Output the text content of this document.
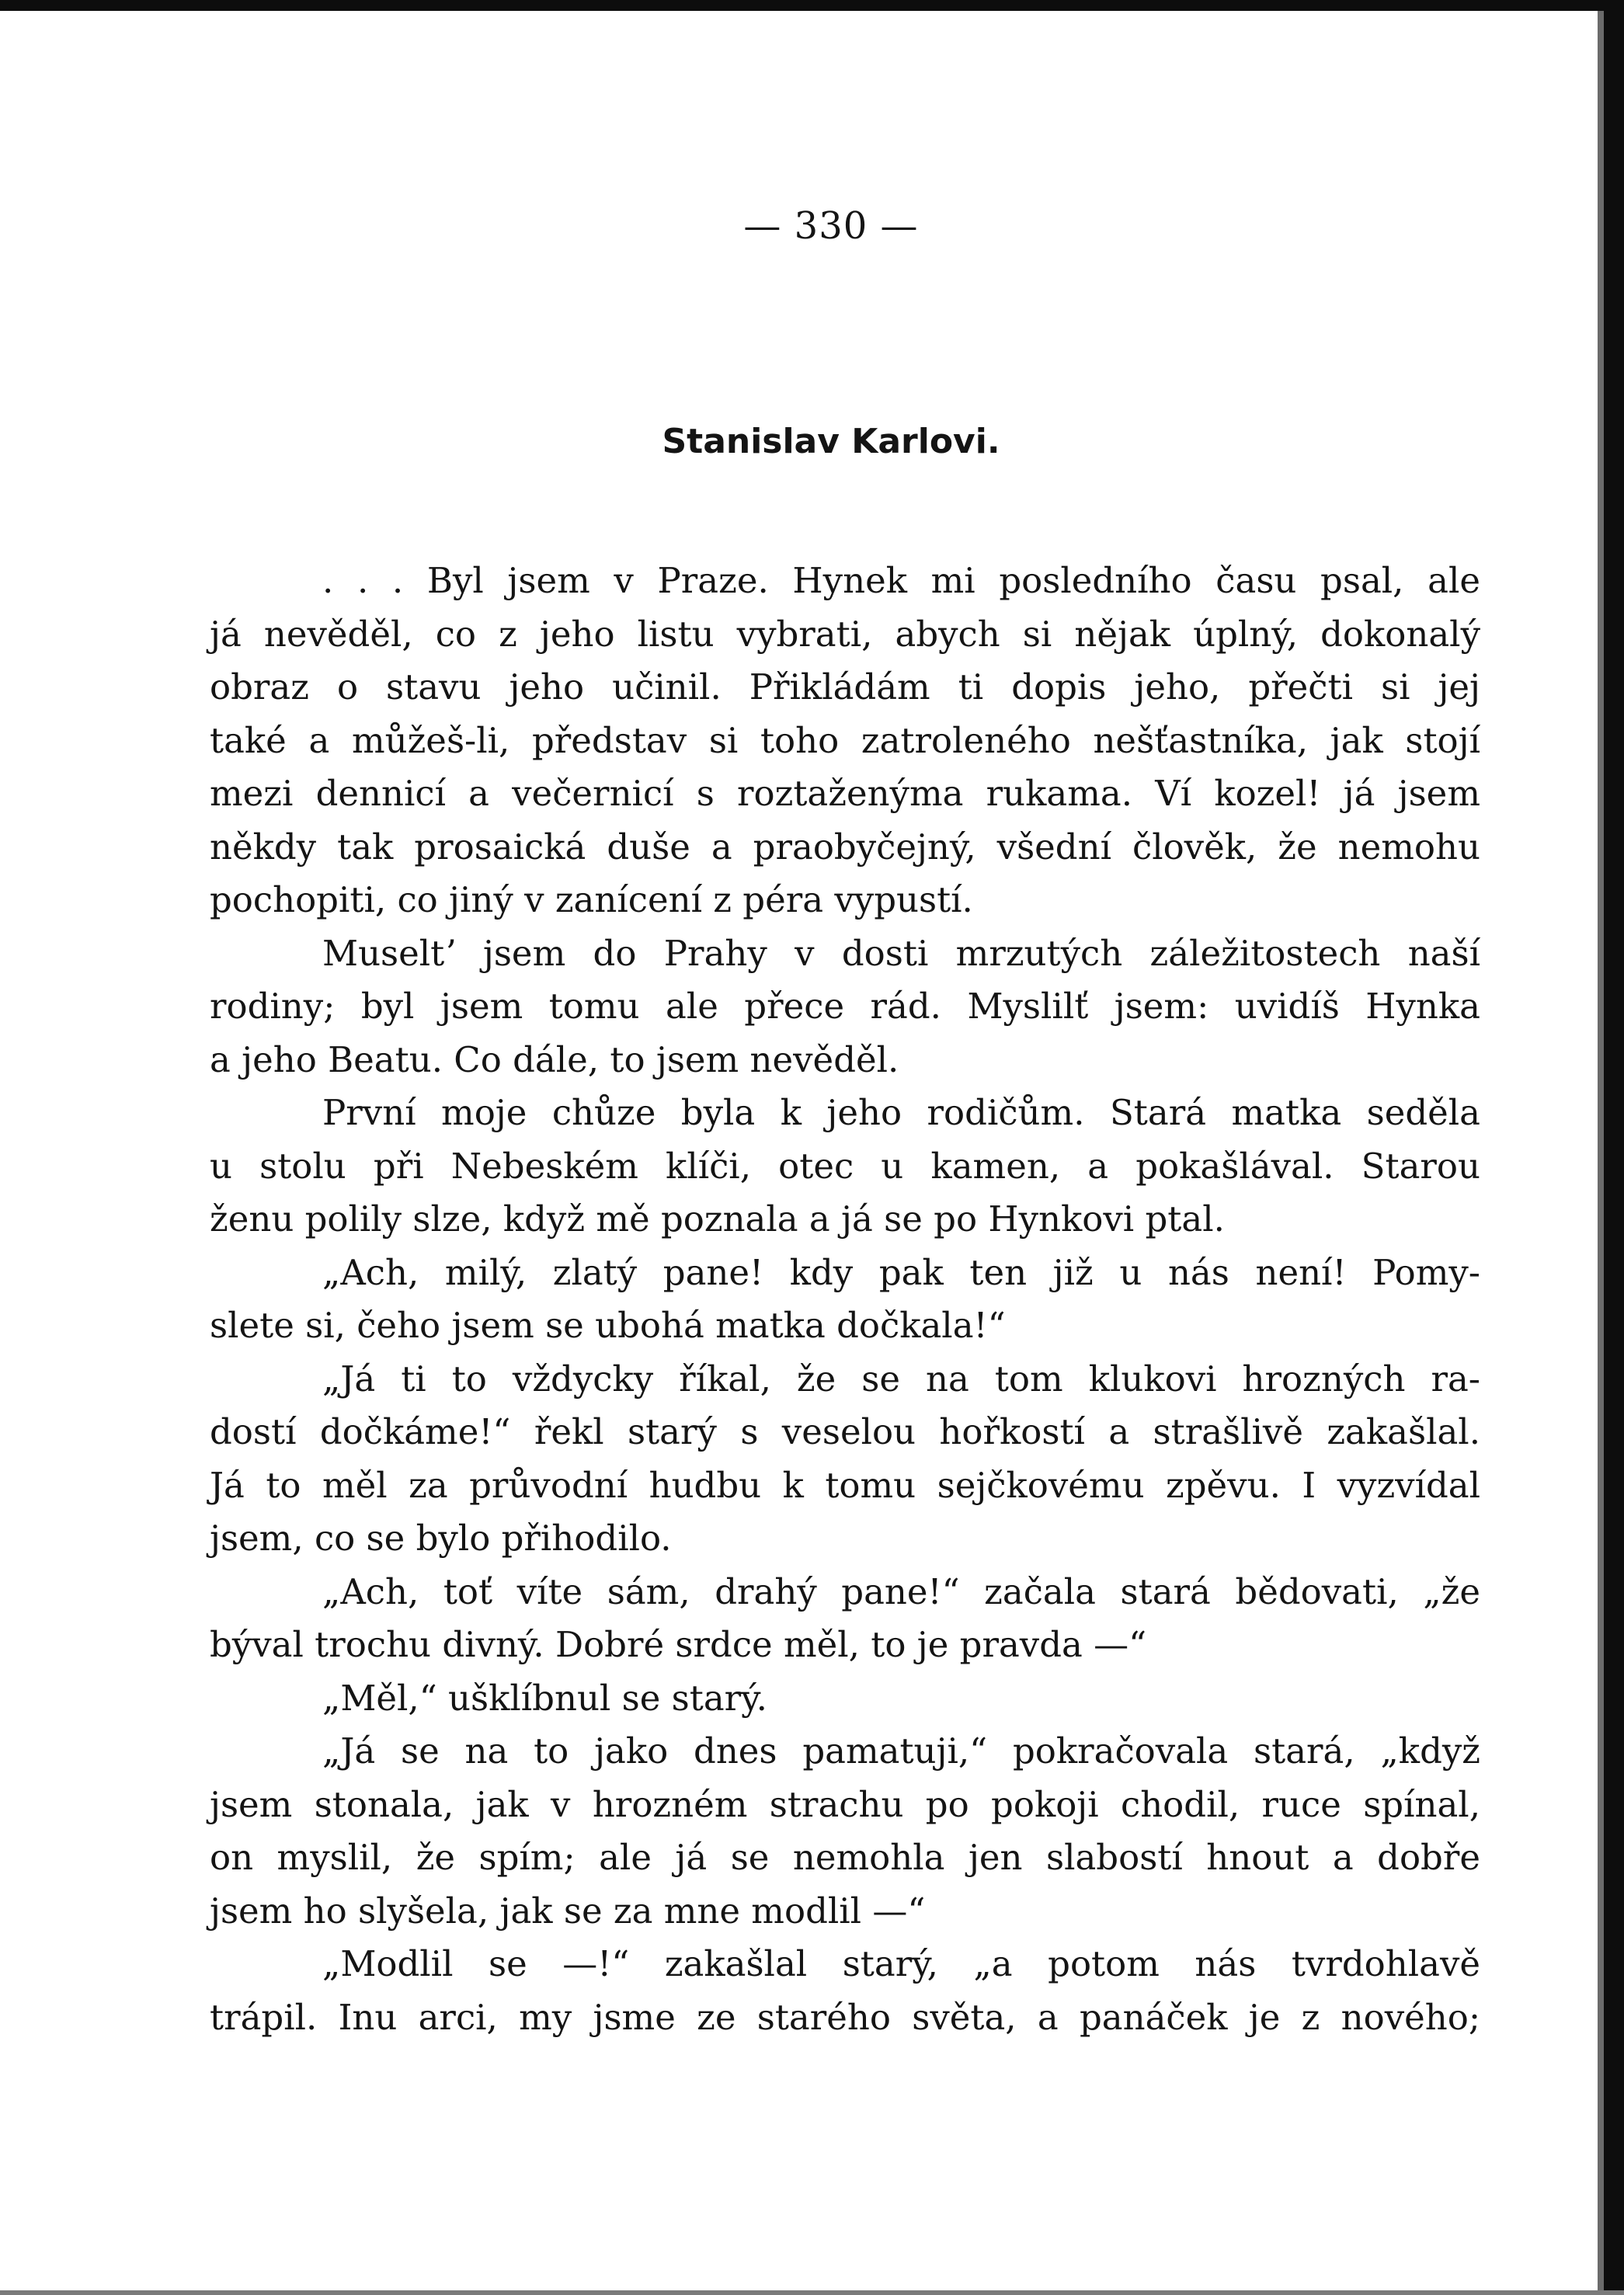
— 330 —
Stanislav Karlovi.
. . . Byl jsem v Praze. Hynek mi posledního času psal, ale
já nevěděl, co z jeho listu vybrati, abych si nějak úplný, dokonalý
obraz o stavu jeho učinil. Přikládám ti dopis jeho, přečti si jej
také a můžeš-li, představ si toho zatroleného nešťastníka, jak stojí
mezi dennicí a večernicí s roztaženýma rukama. Ví kozel! já jsem
někdy tak prosaická duše a praobyčejný, všední člověk, že nemohu
pochopiti, co jiný v zanícení z péra vypustí.
Museltʼ jsem do Prahy v dosti mrzutých záležitostech naší
rodiny; byl jsem tomu ale přece rád. Myslilť jsem: uvidíš Hynka
a jeho Beatu. Co dále, to jsem nevěděl.
První moje chůze byla k jeho rodičům. Stará matka seděla
u stolu při Nebeském klíči, otec u kamen, a pokašlával. Starou
ženu polily slze, když mě poznala a já se po Hynkovi ptal.
„Ach, milý, zlatý pane! kdy pak ten již u nás není! Pomy-
slete si, čeho jsem se ubohá matka dočkala!“
„Já ti to vždycky říkal, že se na tom klukovi hrozných ra-
dostí dočkáme!“ řekl starý s veselou hořkostí a strašlivě zakašlal.
Já to měl za průvodní hudbu k tomu sejčkovému zpěvu. I vyzvídal
jsem, co se bylo přihodilo.
„Ach, toť víte sám, drahý pane!“ začala stará bědovati, „že
býval trochu divný. Dobré srdce měl, to je pravda —“
„Měl,“ ušklíbnul se starý.
„Já se na to jako dnes pamatuji,“ pokračovala stará, „když
jsem stonala, jak v hrozném strachu po pokoji chodil, ruce spínal,
on myslil, že spím; ale já se nemohla jen slabostí hnout a dobře
jsem ho slyšela, jak se za mne modlil —“
„Modlil se —!“ zakašlal starý, „a potom nás tvrdohlavě
trápil. Inu arci, my jsme ze starého světa, a panáček je z nového;
